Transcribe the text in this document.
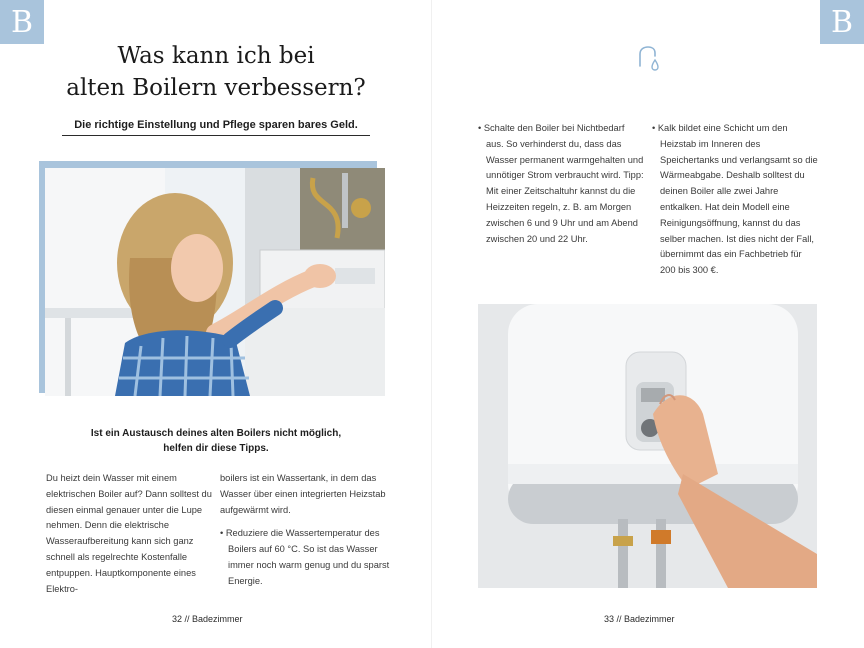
B
Was kann ich bei
alten Boilern verbessern?
Die richtige Einstellung und Pflege sparen bares Geld.
Ist ein Austausch deines alten Boilers nicht möglich,
helfen dir diese Tipps.
Du heizt dein Wasser mit einem elektrischen Boiler auf? Dann solltest du diesen einmal genauer unter die Lupe nehmen. Denn die elektrische Wasseraufbereitung kann sich ganz schnell als regelrechte Kostenfalle entpuppen. Hauptkomponente eines Elektro-
boilers ist ein Wassertank, in dem das Wasser über einen integrierten Heizstab aufgewärmt wird.
• Reduziere die Wassertemperatur des Boilers auf 60 °C. So ist das Wasser immer noch warm genug und du sparst Energie.
32 // Badezimmer
B
• Schalte den Boiler bei Nichtbedarf aus. So verhinderst du, dass das Wasser permanent warmgehalten und unnötiger Strom verbraucht wird. Tipp: Mit einer Zeitschaltuhr kannst du die Heizzeiten regeln, z. B. am Morgen zwischen 6 und 9 Uhr und am Abend zwischen 20 und 22 Uhr.
• Kalk bildet eine Schicht um den Heizstab im Inneren des Speichertanks und verlangsamt so die Wärmeabgabe. Deshalb solltest du deinen Boiler alle zwei Jahre entkalken. Hat dein Modell eine Reinigungsöffnung, kannst du das selber machen. Ist dies nicht der Fall, übernimmt das ein Fachbetrieb für 200 bis 300 €.
33 // Badezimmer
